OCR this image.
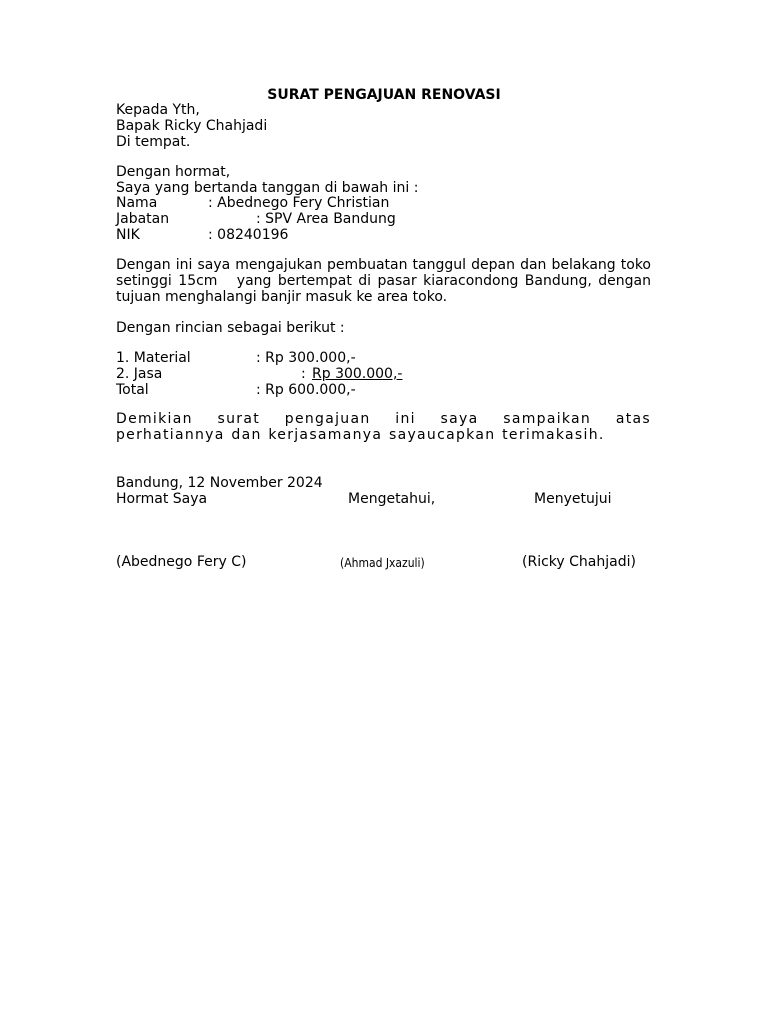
SURAT PENGAJUAN RENOVASI

Kepada Yth,

Bapak Ricky Chahjadi

Di tempat.

Dengan hormat,

Saya yang bertanda tanggan di bawah ini :

Nama	: Abednego Fery Christian

Jabatan	: SPV Area Bandung

NIK	: 08240196

Dengan ini saya mengajukan pembuatan tanggul depan dan belakang toko setinggi 15cm   yang bertempat di pasar kiaracondong Bandung, dengan tujuan menghalangi banjir masuk ke area toko.

Dengan rincian sebagai berikut :

1. Material	: Rp 300.000,-

2. Jasa	: Rp 300.000,-

Total	: Rp 600.000,-

Demikian surat pengajuan ini saya sampaikan atas perhatiannya dan kerjasamanya sayaucapkan terimakasih.

Bandung, 12 November 2024

Hormat Saya	Mengetahui,	Menyetujui

(Abednego Fery C)	(Ahmad Jxazuli)	(Ricky Chahjadi)
